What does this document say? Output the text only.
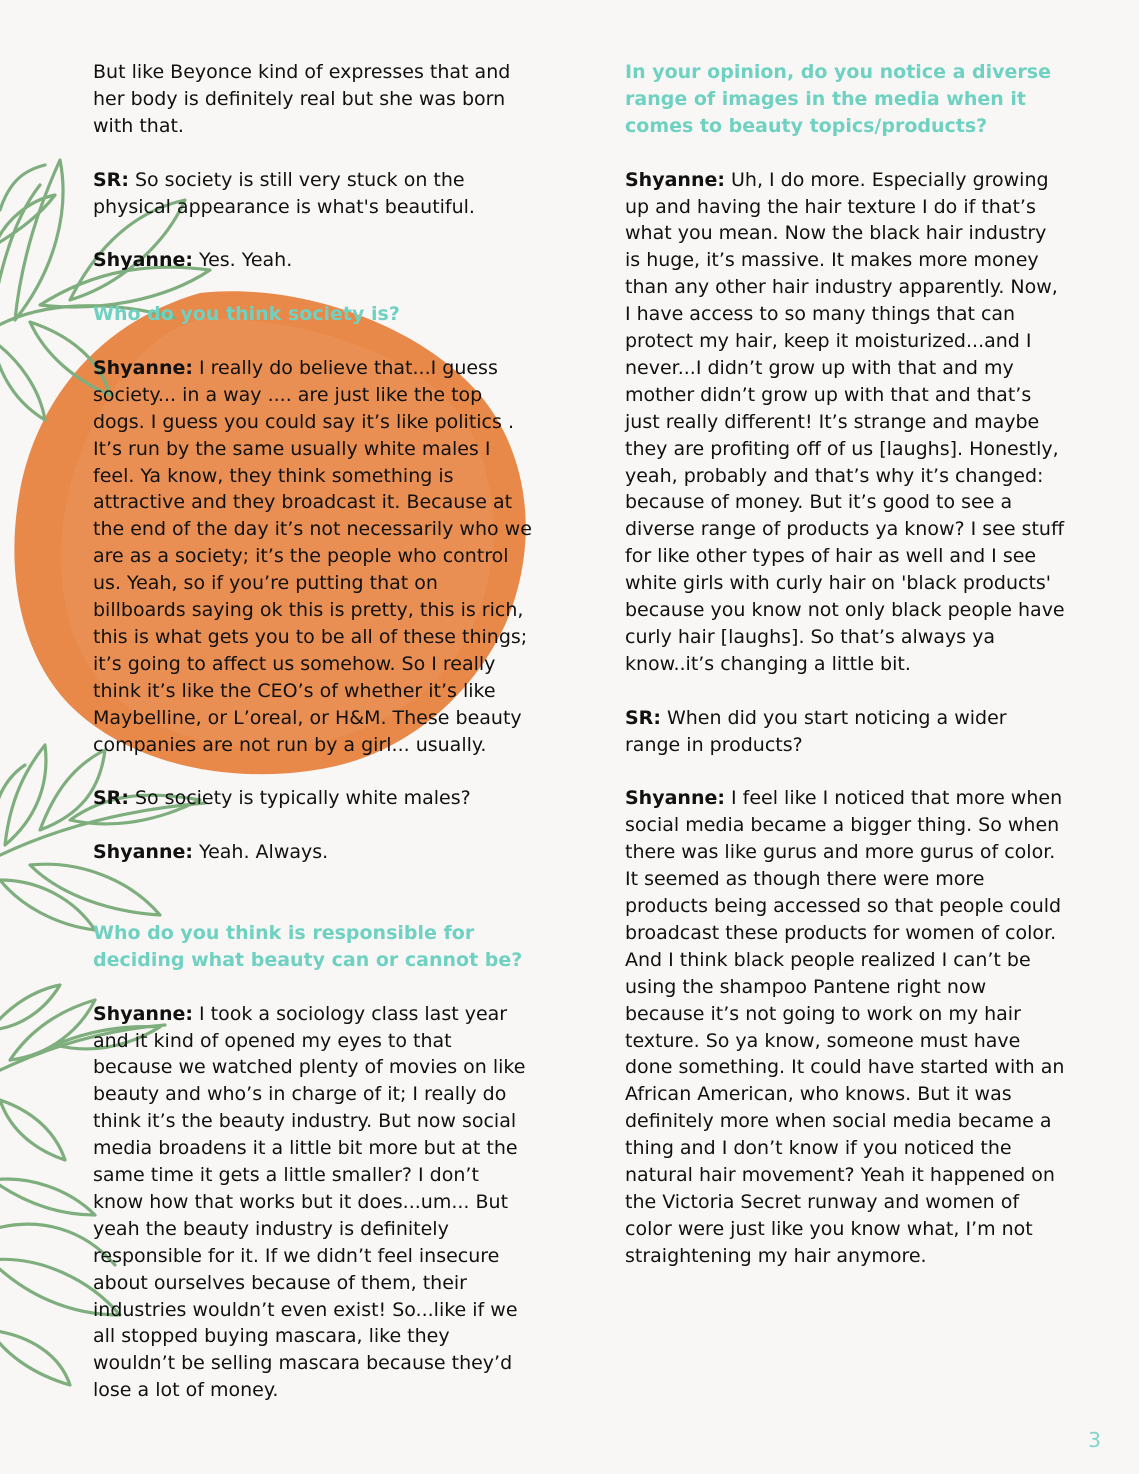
But like Beyonce kind of expresses that and her body is definitely real but she was born with that.

SR: So society is still very stuck on the physical appearance is what's beautiful.

Shyanne: Yes. Yeah.

Who do you think society is?

Shyanne: I really do believe that...I guess society... in a way .... are just like the top dogs. I guess you could say it’s like politics . It’s run by the same usually white males I feel. Ya know, they think something is attractive and they broadcast it. Because at the end of the day it’s not necessarily who we are as a society; it’s the people who control us. Yeah, so if you’re putting that on billboards saying ok this is pretty, this is rich, this is what gets you to be all of these things; it’s going to affect us somehow. So I really think it’s like the CEO’s of whether it’s like Maybelline, or L’oreal, or H&M. These beauty companies are not run by a girl... usually.

SR: So society is typically white males?

Shyanne: Yeah. Always.

Who do you think is responsible for deciding what beauty can or cannot be?

Shyanne: I took a sociology class last year and it kind of opened my eyes to that because we watched plenty of movies on like beauty and who’s in charge of it; I really do think it’s the beauty industry. But now social media broadens it a little bit more but at the same time it gets a little smaller? I don’t know how that works but it does...um... But yeah the beauty industry is definitely responsible for it. If we didn’t feel insecure about ourselves because of them, their industries wouldn’t even exist! So...like if we all stopped buying mascara, like they wouldn’t be selling mascara because they’d lose a lot of money.

In your opinion, do you notice a diverse range of images in the media when it comes to beauty topics/products?

Shyanne: Uh, I do more. Especially growing up and having the hair texture I do if that’s what you mean. Now the black hair industry is huge, it’s massive. It makes more money than any other hair industry apparently. Now, I have access to so many things that can protect my hair, keep it moisturized...and I never...I didn’t grow up with that and my mother didn’t grow up with that and that’s just really different! It’s strange and maybe they are profiting off of us [laughs]. Honestly, yeah, probably and that’s why it’s changed: because of money. But it’s good to see a diverse range of products ya know? I see stuff for like other types of hair as well and I see white girls with curly hair on 'black products' because you know not only black people have curly hair [laughs]. So that’s always ya know..it’s changing a little bit.

SR: When did you start noticing a wider range in products?

Shyanne: I feel like I noticed that more when social media became a bigger thing. So when there was like gurus and more gurus of color. It seemed as though there were more products being accessed so that people could broadcast these products for women of color. And I think black people realized I can’t be using the shampoo Pantene right now because it’s not going to work on my hair texture. So ya know, someone must have done something. It could have started with an African American, who knows. But it was definitely more when social media became a thing and I don’t know if you noticed the natural hair movement? Yeah it happened on the Victoria Secret runway and women of color were just like you know what, I’m not straightening my hair anymore.

3
